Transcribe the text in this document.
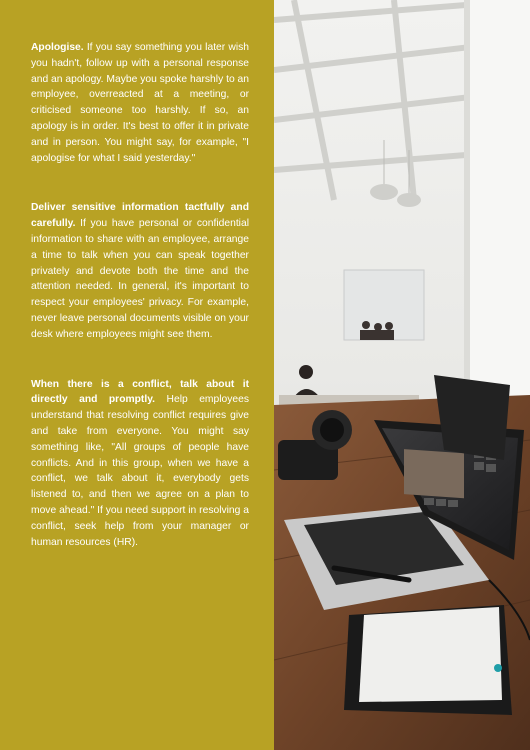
Apologise. If you say something you later wish you hadn't, follow up with a personal response and an apology. Maybe you spoke harshly to an employee, overreacted at a meeting, or criticised someone too harshly. If so, an apology is in order. It's best to offer it in private and in person. You might say, for example, "I apologise for what I said yesterday."

Deliver sensitive information tactfully and carefully. If you have personal or confidential information to share with an employee, arrange a time to talk when you can speak together privately and devote both the time and the attention needed. In general, it's important to respect your employees' privacy. For example, never leave personal documents visible on your desk where employees might see them.

When there is a conflict, talk about it directly and promptly. Help employees understand that resolving conflict requires give and take from everyone. You might say something like, "All groups of people have conflicts. And in this group, when we have a conflict, we talk about it, everybody gets listened to, and then we agree on a plan to move ahead." If you need support in resolving a conflict, seek help from your manager or human resources (HR).
